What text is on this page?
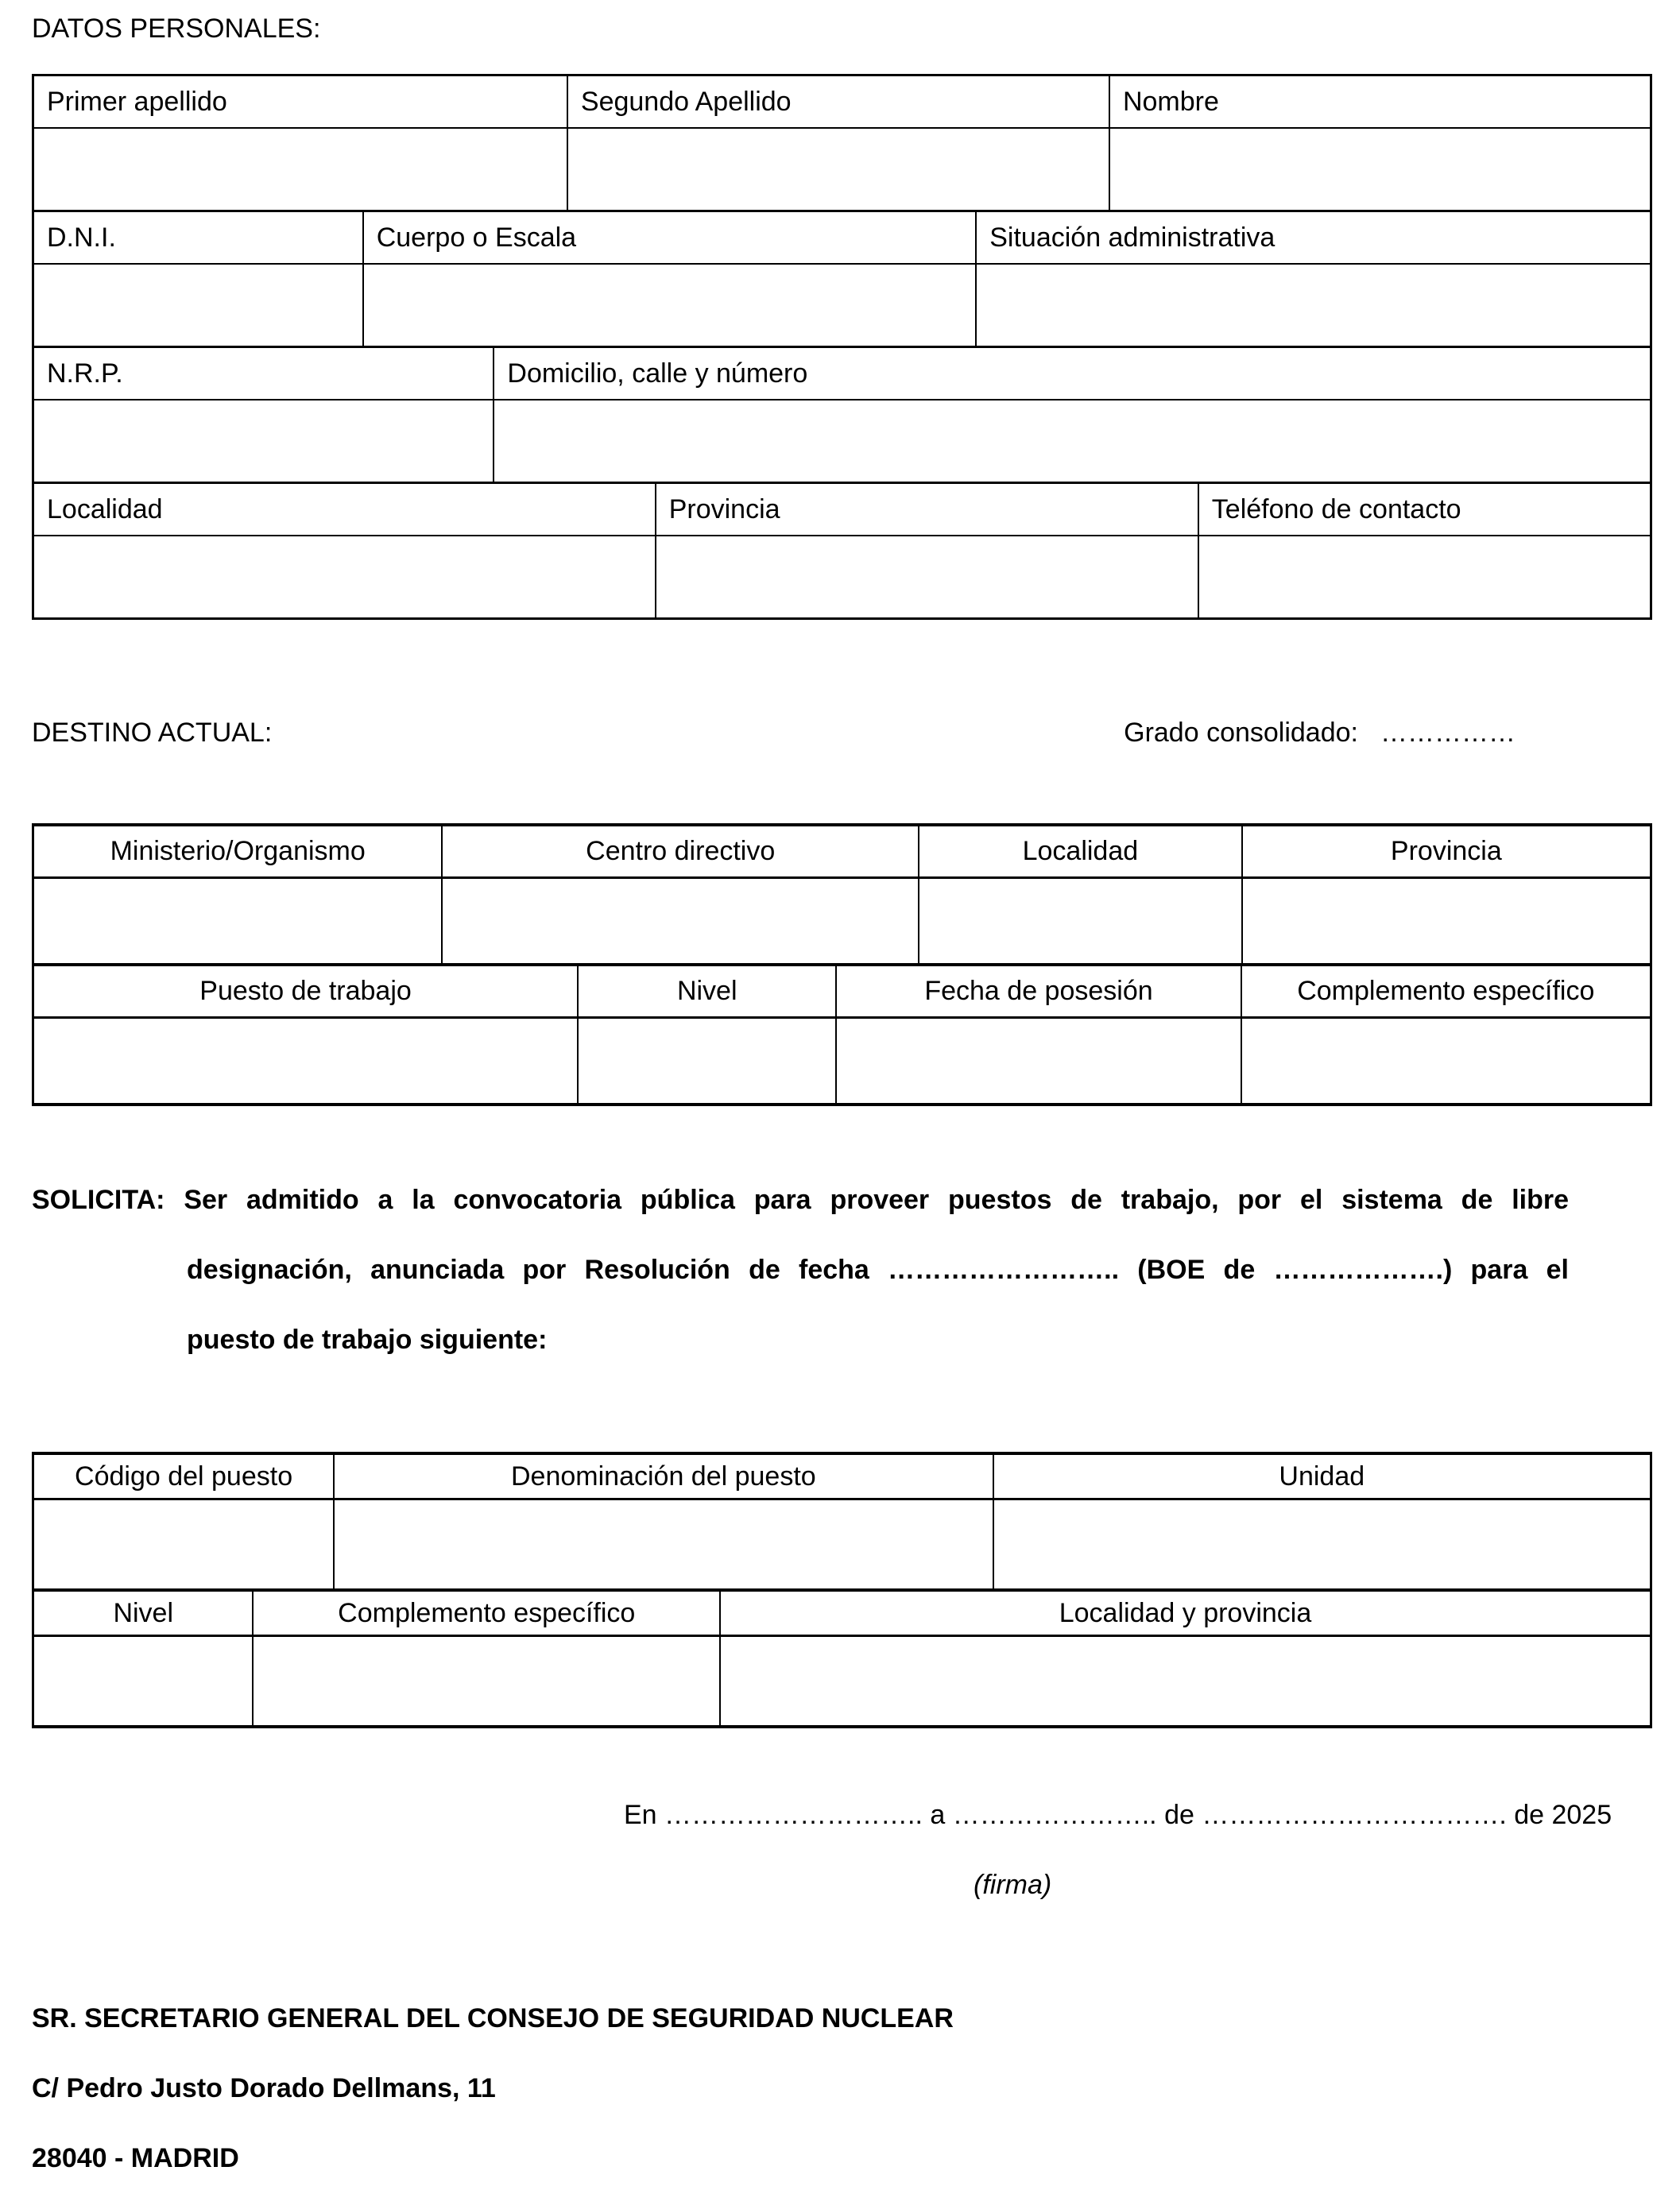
DATOS PERSONALES:
Primer apellido	Segundo Apellido	Nombre
D.N.I.	Cuerpo o Escala	Situación administrativa
N.R.P.	Domicilio, calle y número
Localidad	Provincia	Teléfono de contacto
DESTINO ACTUAL:	Grado consolidado: ……………
Ministerio/Organismo	Centro directivo	Localidad	Provincia
Puesto de trabajo	Nivel	Fecha de posesión	Complemento específico
SOLICITA: Ser admitido a la convocatoria pública para proveer puestos de trabajo, por el sistema de libre
designación, anunciada por Resolución de fecha …………………….. (BOE de ……………….) para el
puesto de trabajo siguiente:
Código del puesto	Denominación del puesto	Unidad
Nivel	Complemento específico	Localidad y provincia
En ……………………….. a ………………….. de ……………………………. de 2025
(firma)
SR. SECRETARIO GENERAL DEL CONSEJO DE SEGURIDAD NUCLEAR
C/ Pedro Justo Dorado Dellmans, 11
28040 - MADRID
